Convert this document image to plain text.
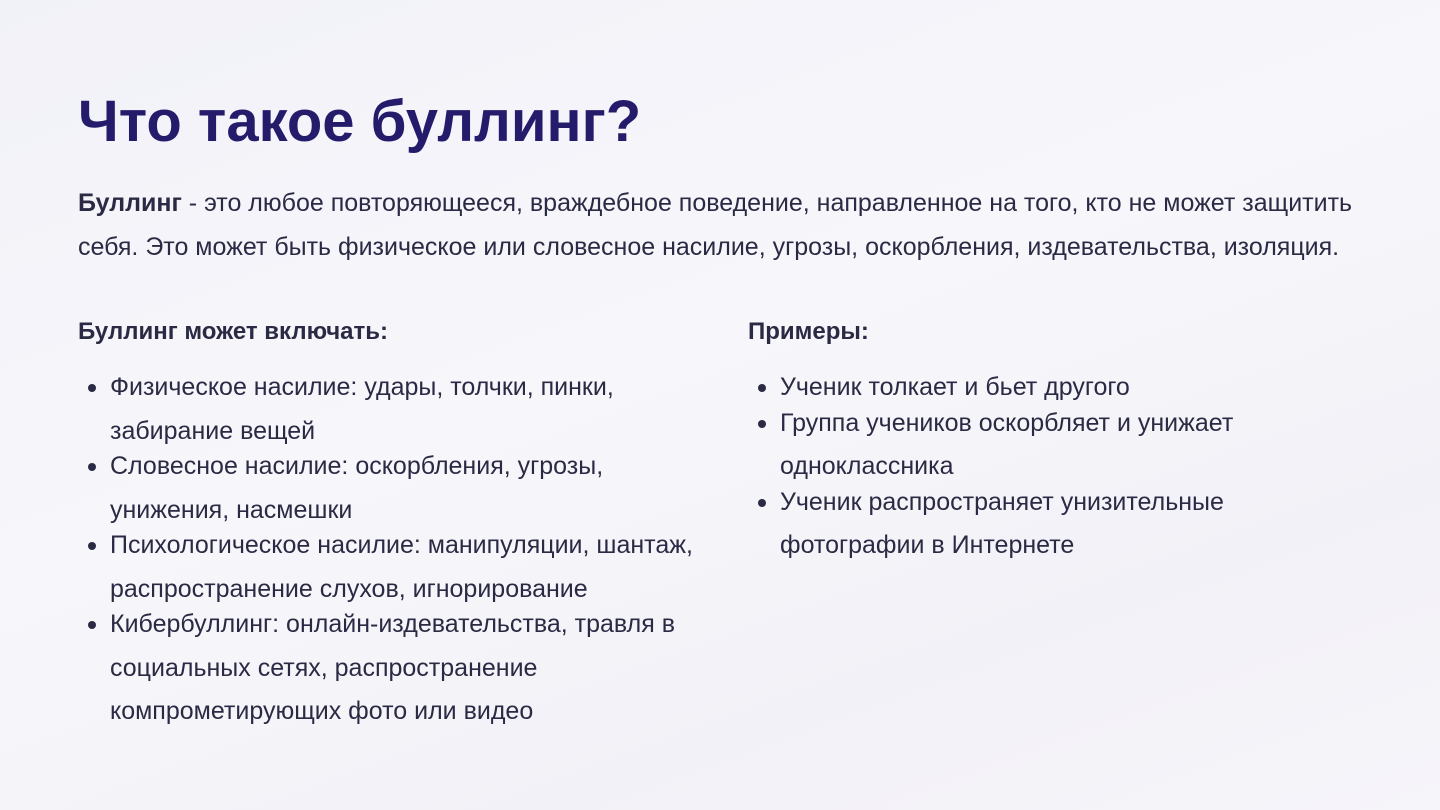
Что такое буллинг?

Буллинг - это любое повторяющееся, враждебное поведение, направленное на того, кто не может защитить себя. Это может быть физическое или словесное насилие, угрозы, оскорбления, издевательства, изоляция.

Буллинг может включать:
Физическое насилие: удары, толчки, пинки, забирание вещей
Словесное насилие: оскорбления, угрозы, унижения, насмешки
Психологическое насилие: манипуляции, шантаж, распространение слухов, игнорирование
Кибербуллинг: онлайн-издевательства, травля в социальных сетях, распространение компрометирующих фото или видео
Примеры:
Ученик толкает и бьет другого
Группа учеников оскорбляет и унижает одноклассника
Ученик распространяет унизительные фотографии в Интернете
